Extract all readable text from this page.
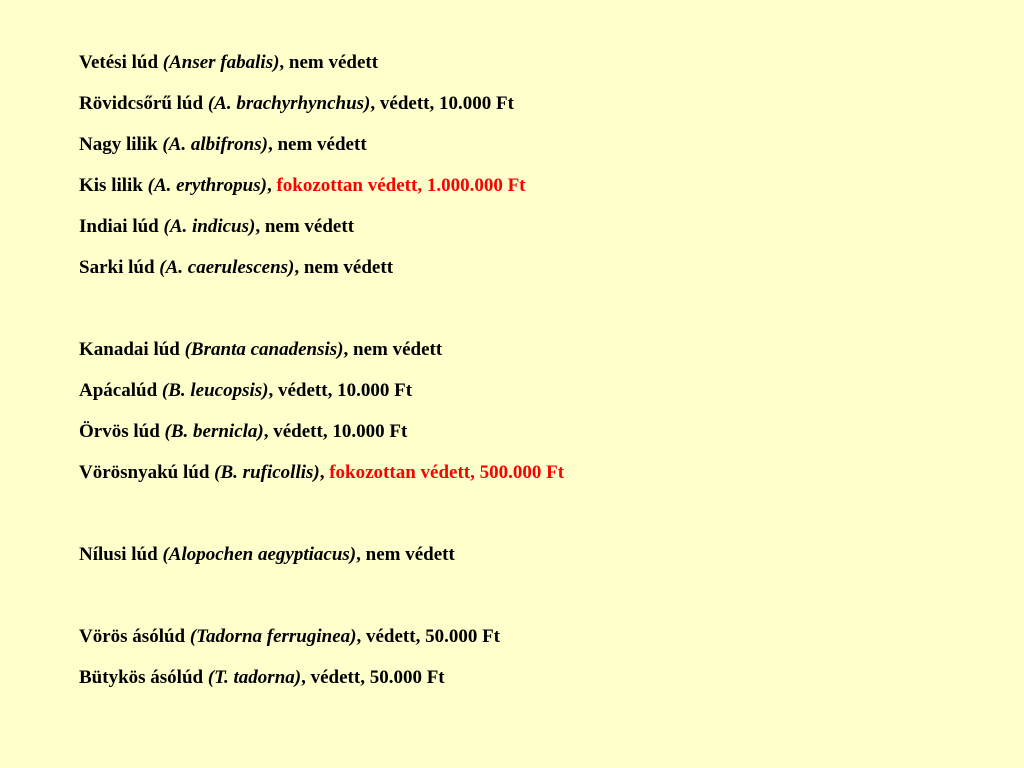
Vetési lúd (Anser fabalis), nem védett
Rövidcsőrű lúd (A. brachyrhynchus), védett, 10.000 Ft
Nagy lilik (A. albifrons), nem védett
Kis lilik (A. erythropus), fokozottan védett, 1.000.000 Ft
Indiai lúd (A. indicus), nem védett
Sarki lúd (A. caerulescens), nem védett
Kanadai lúd (Branta canadensis), nem védett
Apácalúd (B. leucopsis), védett, 10.000 Ft
Örvös lúd (B. bernicla), védett, 10.000 Ft
Vörösnyakú lúd (B. ruficollis), fokozottan védett, 500.000 Ft
Nílusi lúd (Alopochen aegyptiacus), nem védett
Vörös ásólúd (Tadorna ferruginea), védett, 50.000 Ft
Bütykös ásólúd (T. tadorna), védett, 50.000 Ft
